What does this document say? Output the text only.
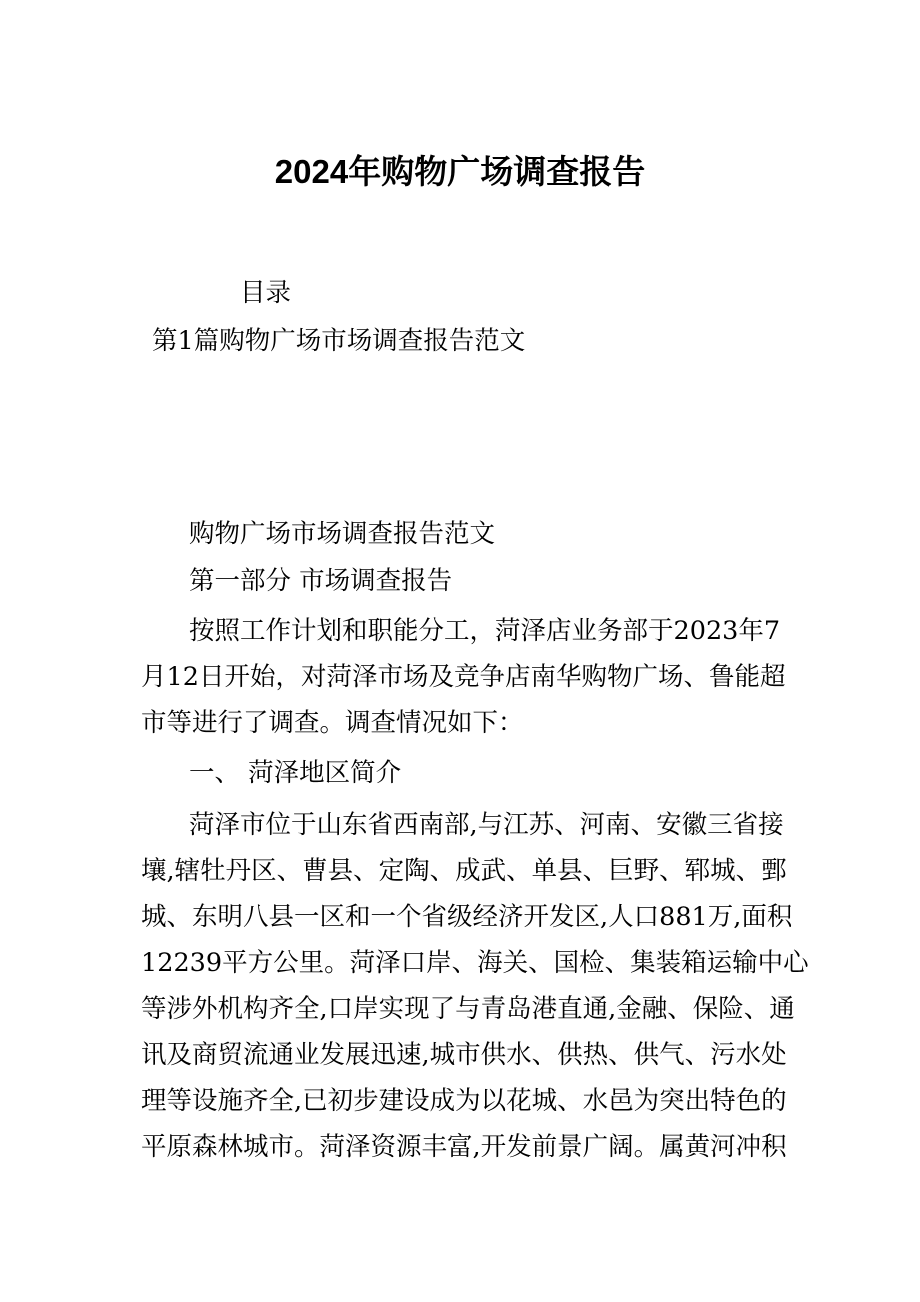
2024年购物广场调查报告
目录
第1篇购物广场市场调查报告范文
购物广场市场调查报告范文
第一部分 市场调查报告
按照工作计划和职能分工，菏泽店业务部于2023年7
月12日开始，对菏泽市场及竞争店南华购物广场、鲁能超
市等进行了调查。调查情况如下：
一、 菏泽地区简介
菏泽市位于山东省西南部,与江苏、河南、安徽三省接
壤,辖牡丹区、曹县、定陶、成武、单县、巨野、郓城、鄄
城、东明八县一区和一个省级经济开发区,人口881万,面积
12239平方公里。菏泽口岸、海关、国检、集装箱运输中心
等涉外机构齐全,口岸实现了与青岛港直通,金融、保险、通
讯及商贸流通业发展迅速,城市供水、供热、供气、污水处
理等设施齐全,已初步建设成为以花城、水邑为突出特色的
平原森林城市。菏泽资源丰富,开发前景广阔。属黄河冲积
